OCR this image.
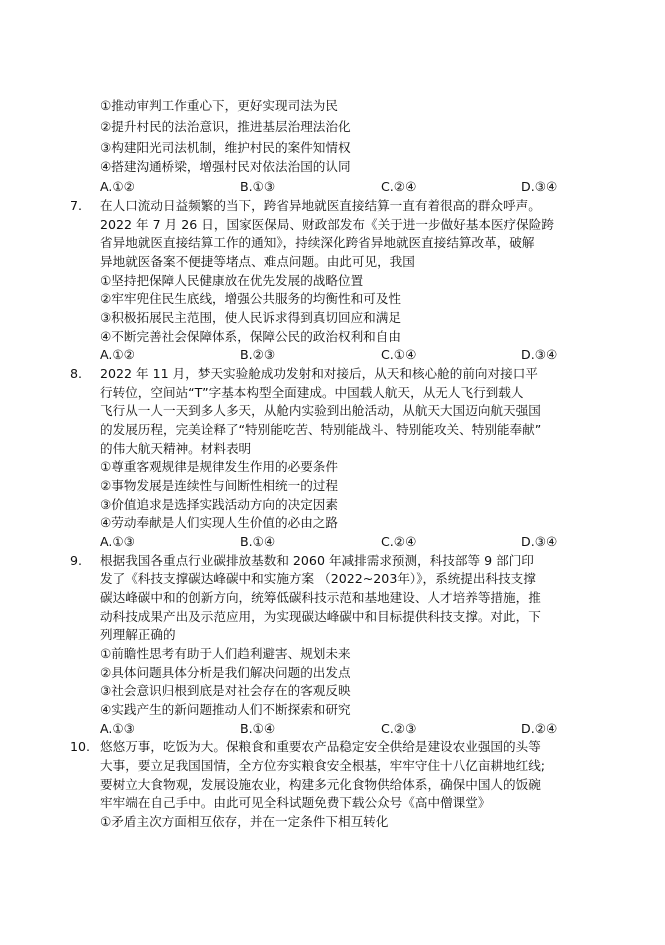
①推动审判工作重心下，更好实现司法为民
②提升村民的法治意识，推进基层治理法治化
③构建阳光司法机制，维护村民的案件知情权
④搭建沟通桥梁，增强村民对依法治国的认同
A.①②	B.①③	C.②④	D.③④
7. 在人口流动日益频繁的当下，跨省异地就医直接结算一直有着很高的群众呼声。
2022 年 7 月 26 日，国家医保局、财政部发布《关于进一步做好基本医疗保险跨
省异地就医直接结算工作的通知》，持续深化跨省异地就医直接结算改革，破解
异地就医备案不便捷等堵点、难点问题。由此可见，我国
①坚持把保障人民健康放在优先发展的战略位置
②牢牢兜住民生底线，增强公共服务的均衡性和可及性
③积极拓展民主范围，使人民诉求得到真切回应和满足
④不断完善社会保障体系，保障公民的政治权利和自由
A.①②	B.②③	C.①④	D.③④
8. 2022 年 11 月，梦天实验舱成功发射和对接后，从天和核心舱的前向对接口平
行转位，空间站“T”字基本构型全面建成。中国载人航天，从无人飞行到载人
飞行从一人一天到多人多天，从舱内实验到出舱活动，从航天大国迈向航天强国
的发展历程，完美诠释了“特别能吃苦、特别能战斗、特别能攻关、特别能奉献”
的伟大航天精神。材料表明
①尊重客观规律是规律发生作用的必要条件
②事物发展是连续性与间断性相统一的过程
③价值追求是选择实践活动方向的决定因素
④劳动奉献是人们实现人生价值的必由之路
A.①③	B.①④	C.②④	D.③④
9. 根据我国各重点行业碳排放基数和 2060 年减排需求预测，科技部等 9 部门印
发了《科技支撑碳达峰碳中和实施方案 （2022~203年）》，系统提出科技支撑
碳达峰碳中和的创新方向，统筹低碳科技示范和基地建设、人才培养等措施，推
动科技成果产出及示范应用，为实现碳达峰碳中和目标提供科技支撑。对此，下
列理解正确的
①前瞻性思考有助于人们趋利避害、规划未来
②具体问题具体分析是我们解决问题的出发点
③社会意识归根到底是对社会存在的客观反映
④实践产生的新问题推动人们不断探索和研究
A.①③	B.①④	C.②③	D.②④
10. 悠悠万事，吃饭为大。保粮食和重要农产品稳定安全供给是建设农业强国的头等
大事，要立足我国国情，全方位夯实粮食安全根基，牢牢守住十八亿亩耕地红线;
要树立大食物观，发展设施农业，构建多元化食物供给体系，确保中国人的饭碗
牢牢端在自己手中。由此可见全科试题免费下载公众号《高中僧课堂》
①矛盾主次方面相互依存，并在一定条件下相互转化
